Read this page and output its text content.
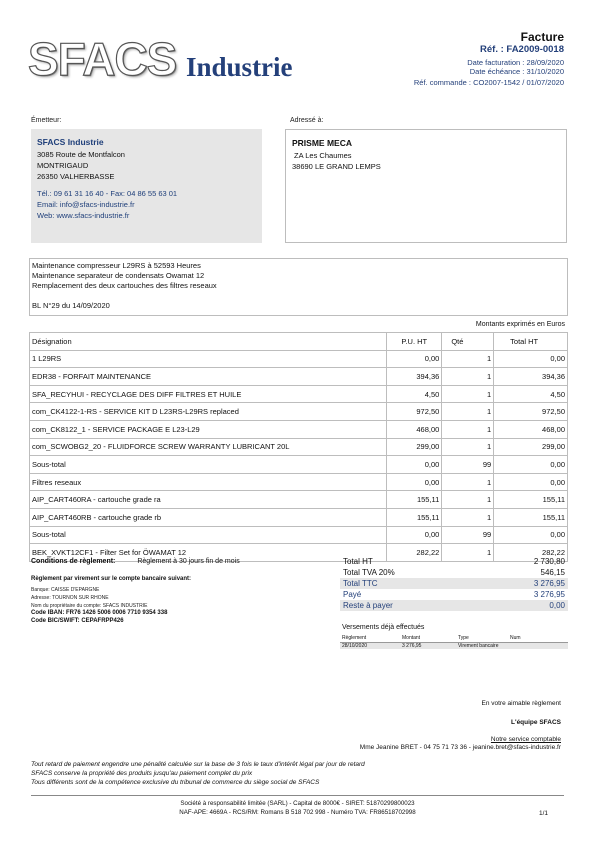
SFACS Industrie
Facture
Réf. : FA2009-0018
Date facturation : 28/09/2020
Date échéance : 31/10/2020
Réf. commande : CO2007-1542 / 01/07/2020
Émetteur:
SFACS Industrie
3085 Route de Montfalcon
MONTRIGAUD
26350 VALHERBASSE
Tél.: 09 61 31 16 40 - Fax: 04 86 55 63 01
Email: info@sfacs-industrie.fr
Web: www.sfacs-industrie.fr
Adressé à:
PRISME MECA
ZA Les Chaumes
38690 LE GRAND LEMPS
Maintenance compresseur L29RS à 52593 Heures
Maintenance separateur de condensats Owamat 12
Remplacement des deux cartouches des filtres reseaux
BL N°29 du 14/09/2020
Montants exprimés en Euros
Désignation	P.U. HT	Qté	Total HT
1 L29RS	0,00	1	0,00
EDR38 - FORFAIT MAINTENANCE	394,36	1	394,36
SFA_RECYHUI - RECYCLAGE DES DIFF FILTRES ET HUILE	4,50	1	4,50
com_CK4122-1-RS - SERVICE KIT D L23RS-L29RS replaced	972,50	1	972,50
com_CK8122_1 - SERVICE PACKAGE E L23-L29	468,00	1	468,00
com_SCWOBG2_20 - FLUIDFORCE SCREW WARRANTY LUBRICANT 20L	299,00	1	299,00
Sous-total	0,00	99	0,00
Filtres reseaux	0,00	1	0,00
AIP_CART460RA - cartouche grade ra	155,11	1	155,11
AIP_CART460RB - cartouche grade rb	155,11	1	155,11
Sous-total	0,00	99	0,00
BEK_XVKT12CF1 - Filter Set for ÖWAMAT 12	282,22	1	282,22
Conditions de règlement:	Règlement à 30 jours fin de mois
Règlement par virement sur le compte bancaire suivant:
Banque: CAISSE D'EPARGNE
Adresse: TOURNON SUR RHONE
Nom du propriétaire du compte: SFACS INDUSTRIE
Code IBAN: FR76 1426 5006 0006 7710 9354 338
Code BIC/SWIFT: CEPAFRPP426
Total HT	2 730,80
Total TVA 20%	546,15
Total TTC	3 276,95
Payé	3 276,95
Reste à payer	0,00
Versements déjà effectués
Règlement	Montant	Type	Num
28/10/2020	3 276,95	Virement bancaire	
En votre aimable règlement
L'équipe SFACS
Notre service comptable
Mme Jeanine BRET - 04 75 71 73 36 - jeanine.bret@sfacs-industrie.fr
Tout retard de paiement engendre une pénalité calculée sur la base de 3 fois le taux d'intérêt légal par jour de retard
SFACS conserve la propriété des produits jusqu'au paiement complet du prix
Tous différents sont de la compétence exclusive du tribunal de commerce du siège social de SFACS
Société à responsabilité limitée (SARL) - Capital de 8000€ - SIRET: 51870299800023
NAF-APE: 4669A - RCS/RM: Romans B 518 702 998 - Numéro TVA: FR86518702998	1/1
